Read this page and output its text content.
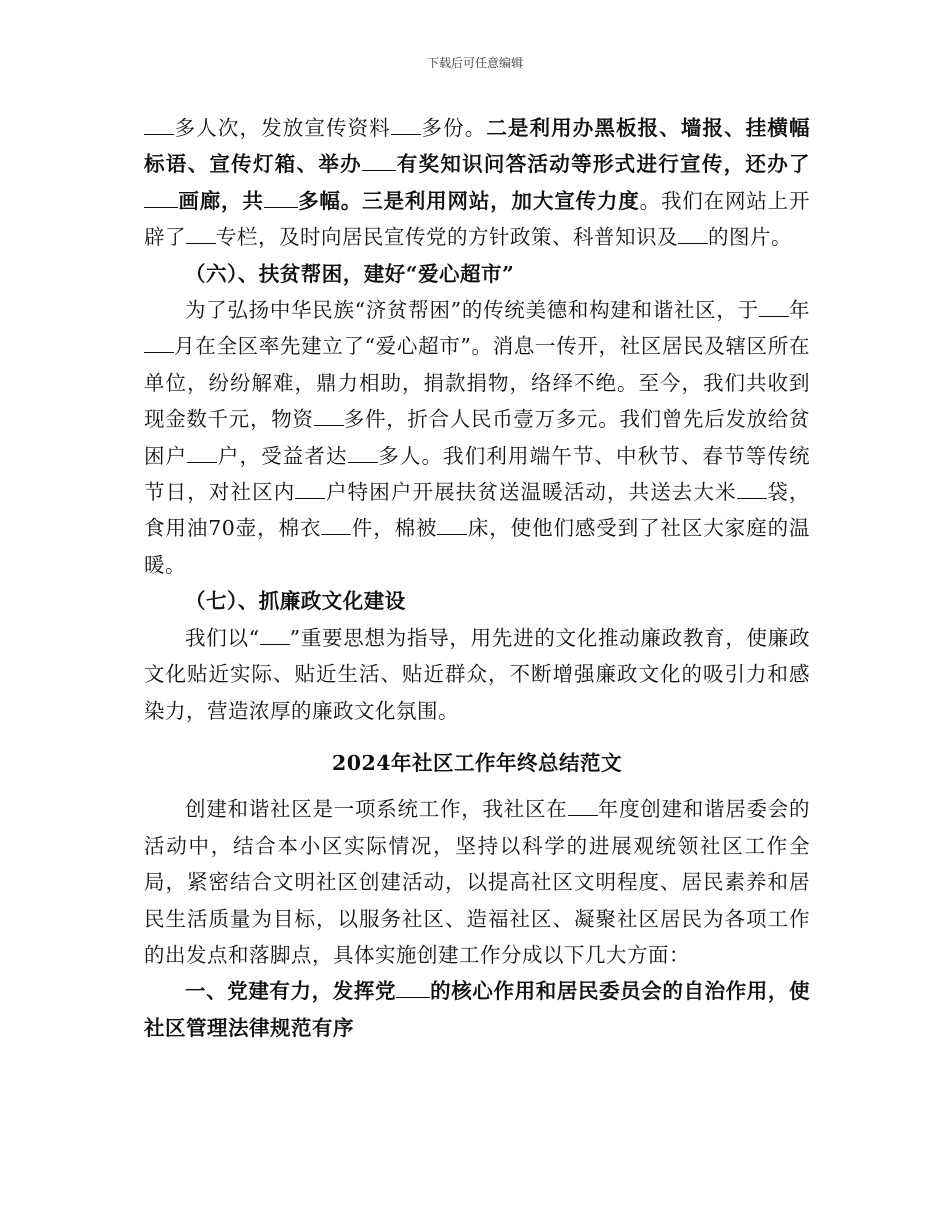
下载后可任意编辑

多人次，发放宣传资料 多份。二是利用办黑板报、墙报、挂横幅标语、宣传灯箱、举办 有奖知识问答活动等形式进行宣传，还办了画廊，共 多幅。三是利用网站，加大宣传力度。我们在网站上开辟了 专栏，及时向居民宣传党的方针政策、科普知识及 的图片。

（六）、扶贫帮困，建好“爱心超市”

为了弘扬中华民族“济贫帮困”的传统美德和构建和谐社区，于 年月在全区率先建立了“爱心超市”。消息一传开，社区居民及辖区所在单位，纷纷解难，鼎力相助，捐款捐物，络绎不绝。至今，我们共收到现金数千元，物资 多件，折合人民币壹万多元。我们曾先后发放给贫困户 户，受益者达 多人。我们利用端午节、中秋节、春节等传统节日，对社区内 户特困户开展扶贫送温暖活动，共送去大米 袋，食用油70壶，棉衣 件，棉被 床，使他们感受到了社区大家庭的温暖。

（七）、抓廉政文化建设

我们以“ ”重要思想为指导，用先进的文化推动廉政教育，使廉政文化贴近实际、贴近生活、贴近群众，不断增强廉政文化的吸引力和感染力，营造浓厚的廉政文化氛围。

2024年社区工作年终总结范文

创建和谐社区是一项系统工作，我社区在 年度创建和谐居委会的活动中，结合本小区实际情况，坚持以科学的进展观统领社区工作全局，紧密结合文明社区创建活动，以提高社区文明程度、居民素养和居民生活质量为目标，以服务社区、造福社区、凝聚社区居民为各项工作的出发点和落脚点，具体实施创建工作分成以下几大方面：

一、党建有力，发挥党 的核心作用和居民委员会的自治作用，使社区管理法律规范有序
